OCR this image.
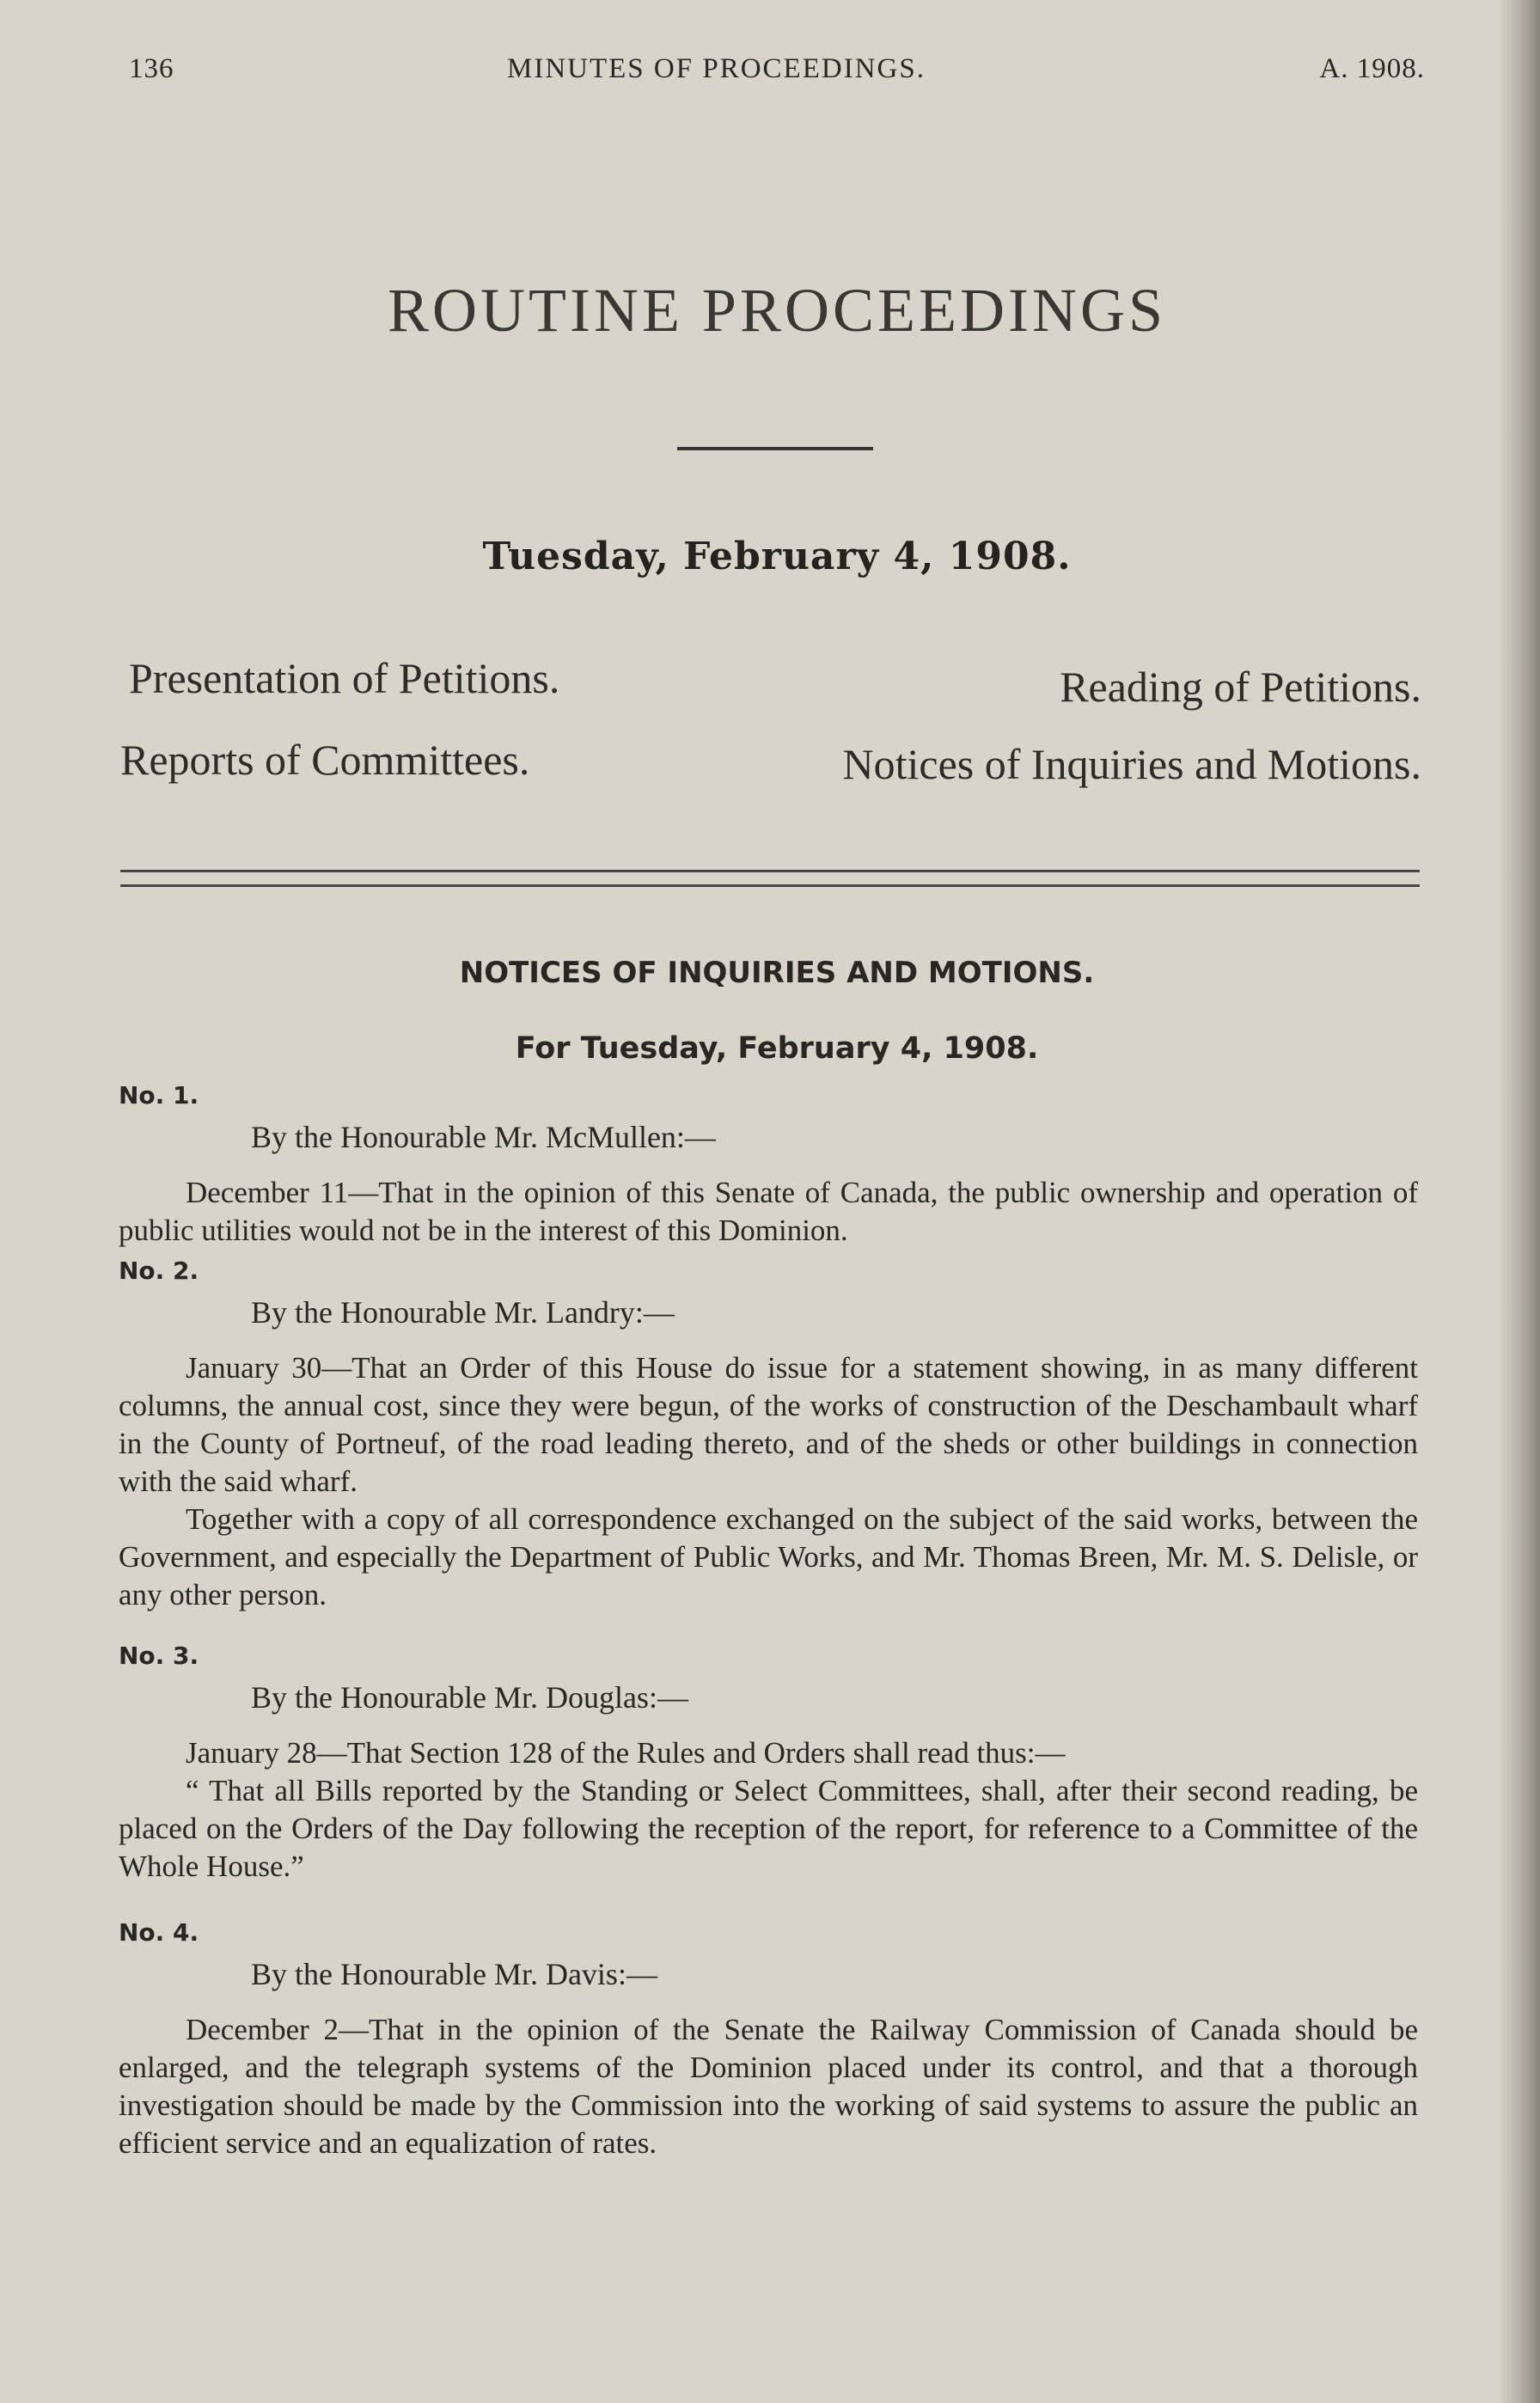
136	MINUTES OF PROCEEDINGS.	A. 1908.
ROUTINE PROCEEDINGS
Tuesday, February 4, 1908.
Presentation of Petitions.	Reading of Petitions.
Reports of Committees.	Notices of Inquiries and Motions.
NOTICES OF INQUIRIES AND MOTIONS.
For Tuesday, February 4, 1908.
No. 1.
By the Honourable Mr. McMullen:—
December 11—That in the opinion of this Senate of Canada, the public ownership and operation of public utilities would not be in the interest of this Dominion.
No. 2.
By the Honourable Mr. Landry:—
January 30—That an Order of this House do issue for a statement showing, in as many different columns, the annual cost, since they were begun, of the works of construction of the Deschambault wharf in the County of Portneuf, of the road leading thereto, and of the sheds or other buildings in connection with the said wharf.
Together with a copy of all correspondence exchanged on the subject of the said works, between the Government, and especially the Department of Public Works, and Mr. Thomas Breen, Mr. M. S. Delisle, or any other person.
No. 3.
By the Honourable Mr. Douglas:—
January 28—That Section 128 of the Rules and Orders shall read thus:—
“ That all Bills reported by the Standing or Select Committees, shall, after their second reading, be placed on the Orders of the Day following the reception of the report, for reference to a Committee of the Whole House.”
No. 4.
By the Honourable Mr. Davis:—
December 2—That in the opinion of the Senate the Railway Commission of Canada should be enlarged, and the telegraph systems of the Dominion placed under its control, and that a thorough investigation should be made by the Commission into the working of said systems to assure the public an efficient service and an equalization of rates.
